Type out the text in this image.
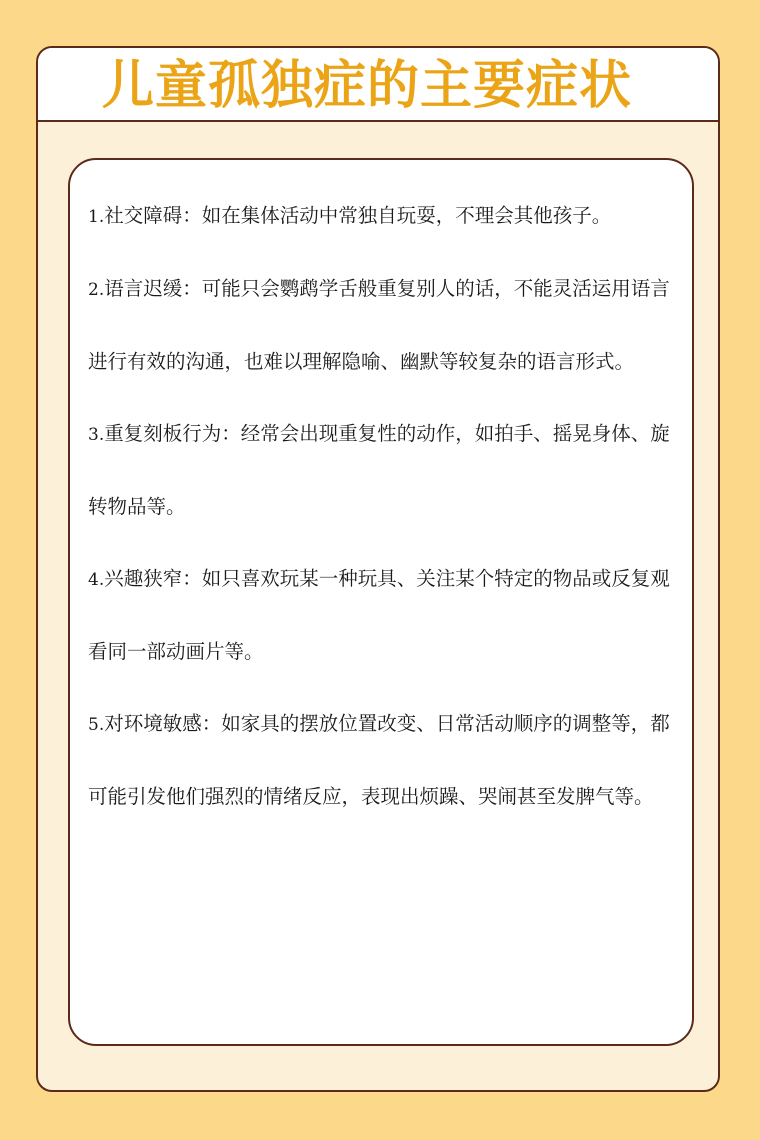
儿童孤独症的主要症状

1.社交障碍：如在集体活动中常独自玩耍，不理会其他孩子。

2.语言迟缓：可能只会鹦鹉学舌般重复别人的话，不能灵活运用语言进行有效的沟通，也难以理解隐喻、幽默等较复杂的语言形式。

3.重复刻板行为：经常会出现重复性的动作，如拍手、摇晃身体、旋转物品等。

4.兴趣狭窄：如只喜欢玩某一种玩具、关注某个特定的物品或反复观看同一部动画片等。

5.对环境敏感：如家具的摆放位置改变、日常活动顺序的调整等，都可能引发他们强烈的情绪反应，表现出烦躁、哭闹甚至发脾气等。
